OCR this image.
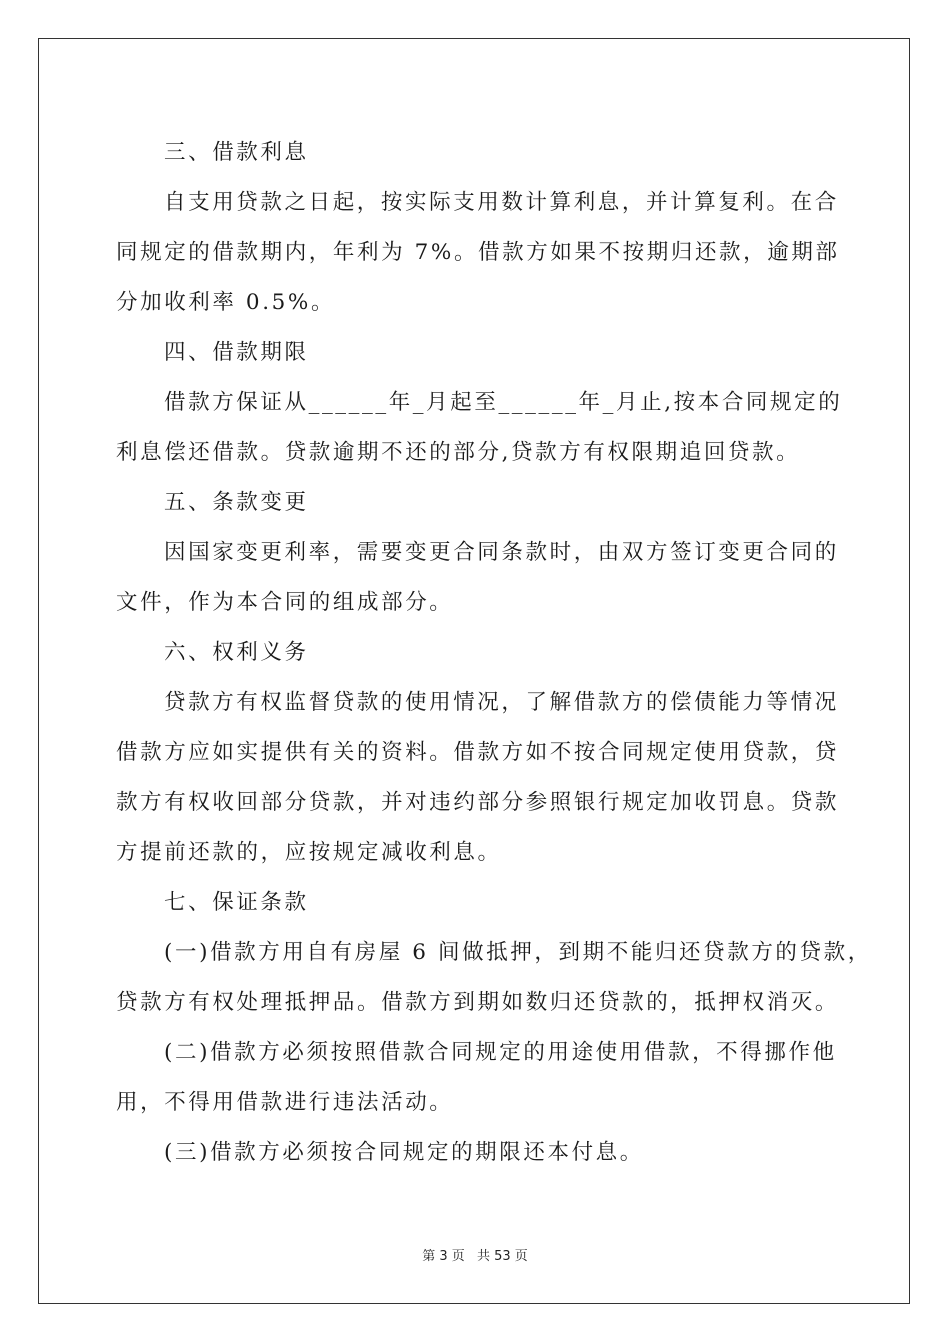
三、借款利息
自支用贷款之日起，按实际支用数计算利息，并计算复利。在合
同规定的借款期内，年利为 7%。借款方如果不按期归还款，逾期部
分加收利率 0.5%。
四、借款期限
借款方保证从______年_月起至______年_月止,按本合同规定的
利息偿还借款。贷款逾期不还的部分,贷款方有权限期追回贷款。
五、条款变更
因国家变更利率，需要变更合同条款时，由双方签订变更合同的
文件，作为本合同的组成部分。
六、权利义务
贷款方有权监督贷款的使用情况，了解借款方的偿债能力等情况
借款方应如实提供有关的资料。借款方如不按合同规定使用贷款，贷
款方有权收回部分贷款，并对违约部分参照银行规定加收罚息。贷款
方提前还款的，应按规定减收利息。
七、保证条款
(一)借款方用自有房屋 6 间做抵押，到期不能归还贷款方的贷款，
贷款方有权处理抵押品。借款方到期如数归还贷款的，抵押权消灭。
(二)借款方必须按照借款合同规定的用途使用借款，不得挪作他
用，不得用借款进行违法活动。
(三)借款方必须按合同规定的期限还本付息。
第 3 页 共 53 页
